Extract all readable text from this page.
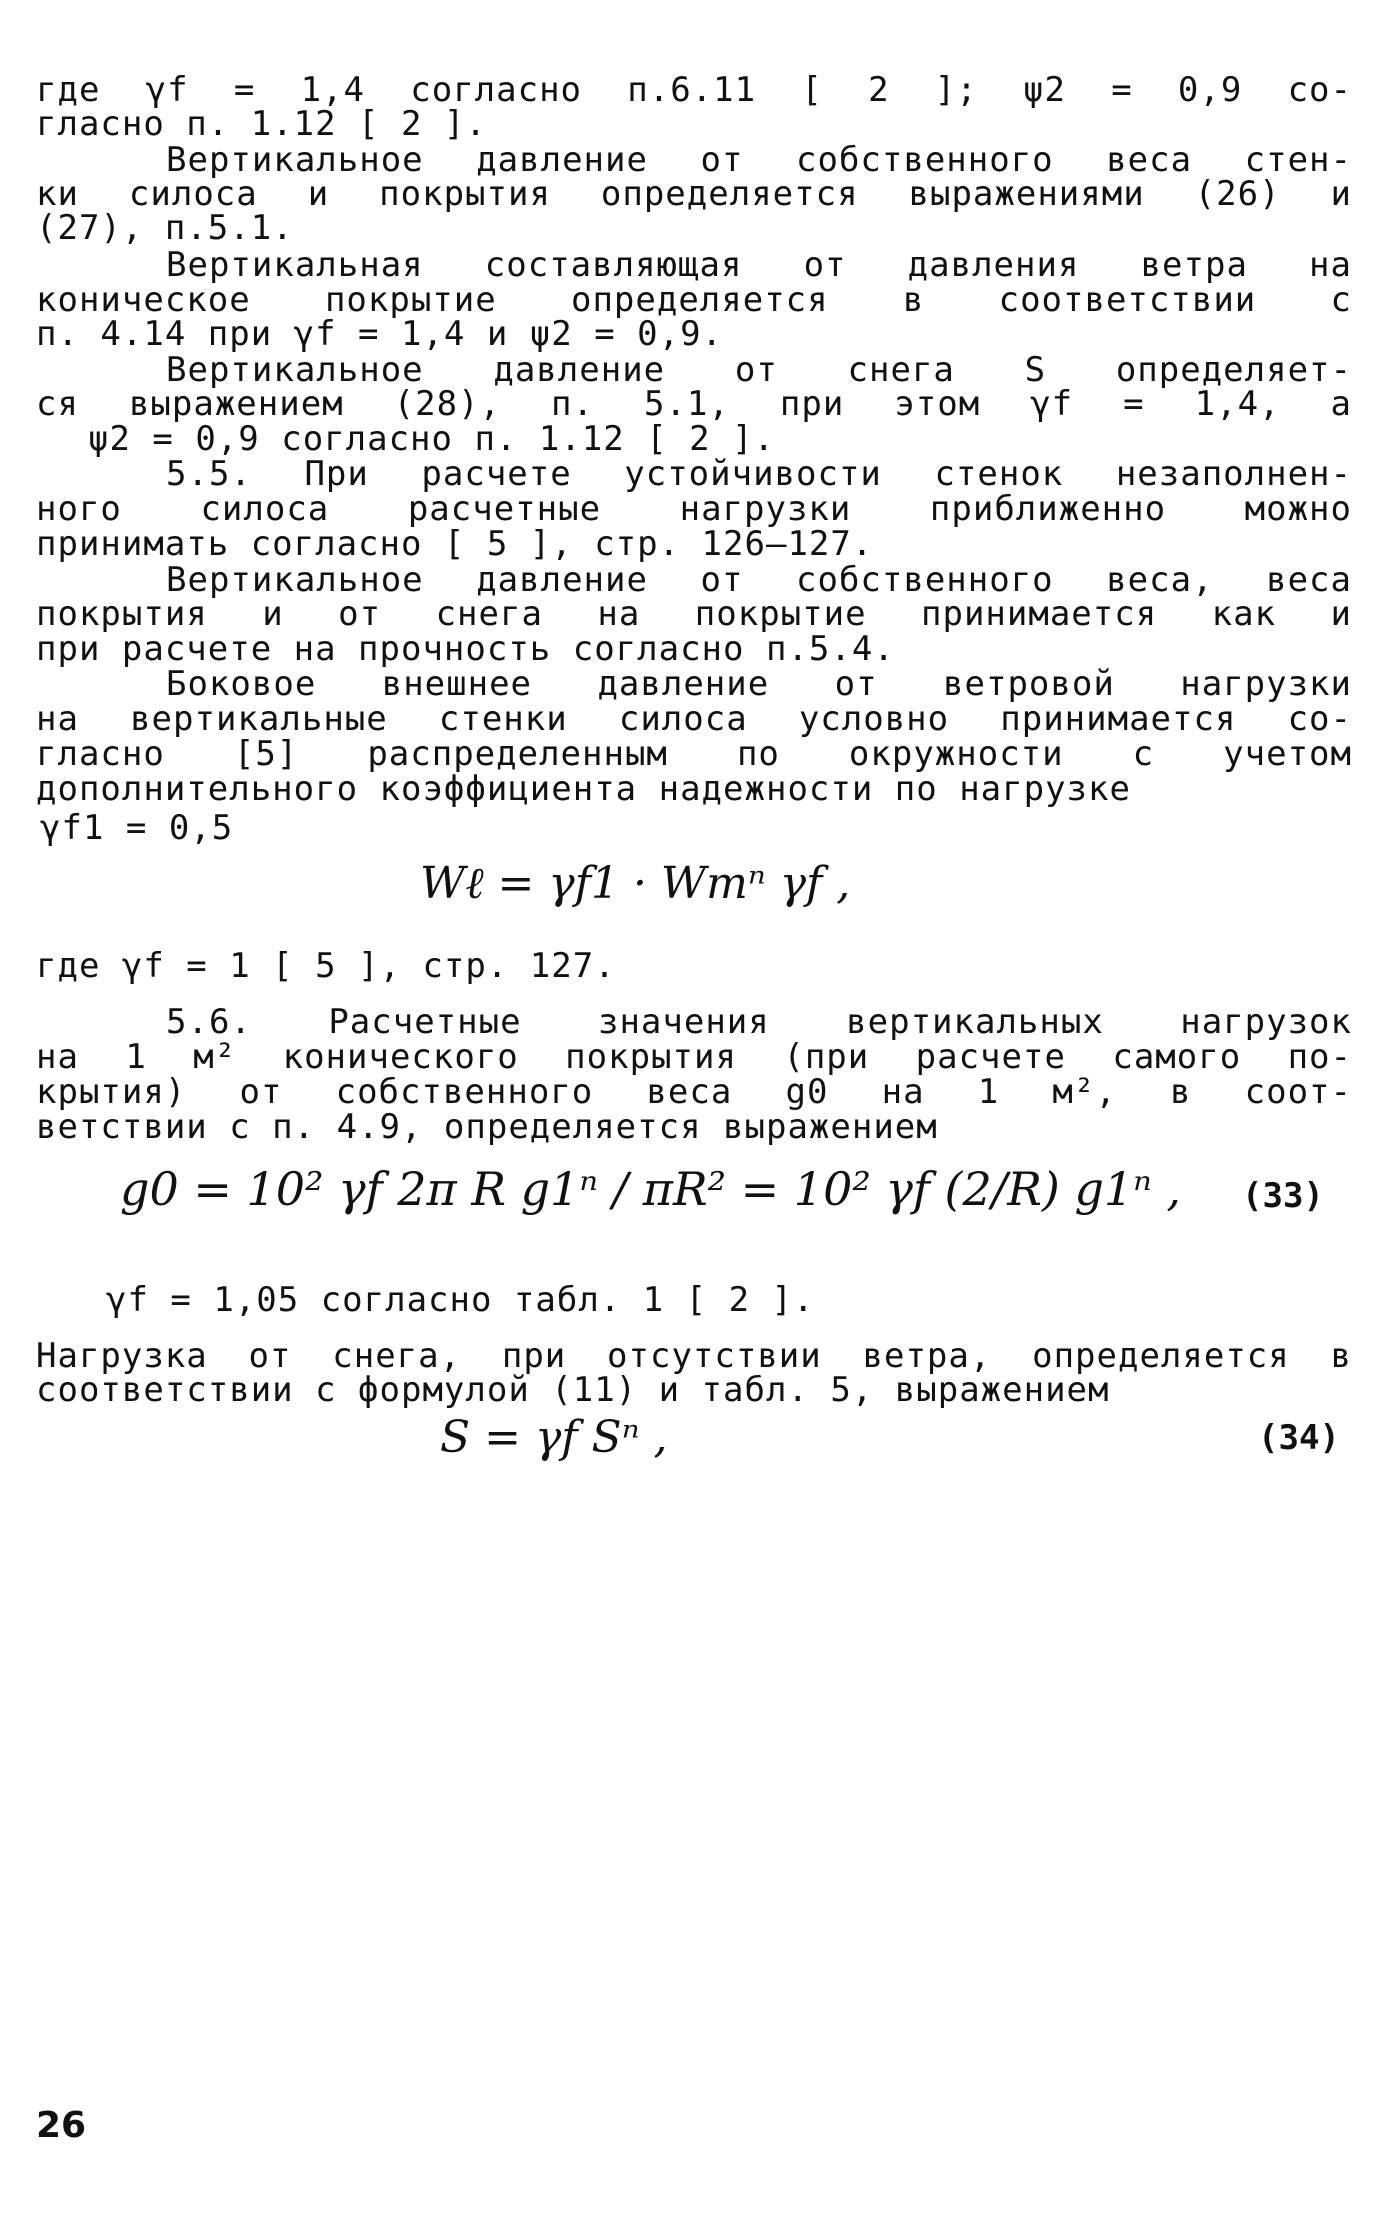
где γf = 1,4 согласно п.6.11 [ 2 ]; ψ2 = 0,9 со-
гласно п. 1.12 [ 2 ].
Вертикальное давление от собственного веса стен-
ки силоса и покрытия определяется выражениями (26) и
(27), п.5.1.
Вертикальная составляющая от давления ветра на
коническое покрытие определяется в соответствии с
п. 4.14 при γf = 1,4 и ψ2 = 0,9.
Вертикальное давление от снега S определяет-
ся выражением (28), п. 5.1, при этом γf = 1,4, а
ψ2 = 0,9 согласно п. 1.12 [ 2 ].
5.5. При расчете устойчивости стенок незаполнен-
ного силоса расчетные нагрузки приближенно можно
принимать согласно [ 5 ], стр. 126–127.
Вертикальное давление от собственного веса, веса
покрытия и от снега на покрытие принимается как и
при расчете на прочность согласно п.5.4.
Боковое внешнее давление от ветровой нагрузки
на вертикальные стенки силоса условно принимается со-
гласно [5] распределенным по окружности с учетом
дополнительного коэффициента надежности по нагрузке
γf1 = 0,5
Wℓ = γf1 · Wmⁿ γf ,
где γf = 1 [ 5 ], стр. 127.
5.6. Расчетные значения вертикальных нагрузок
на 1 м² конического покрытия (при расчете самого по-
крытия) от собственного веса g0 на 1 м², в соот-
ветствии с п. 4.9, определяется выражением
g0 = 10² γf 2π R g1ⁿ / πR² = 10² γf (2/R) g1ⁿ , (33)
γf = 1,05 согласно табл. 1 [ 2 ].
Нагрузка от снега, при отсутствии ветра, определяется в
соответствии с формулой (11) и табл. 5, выражением
S = γf Sⁿ ,	(34)
26
